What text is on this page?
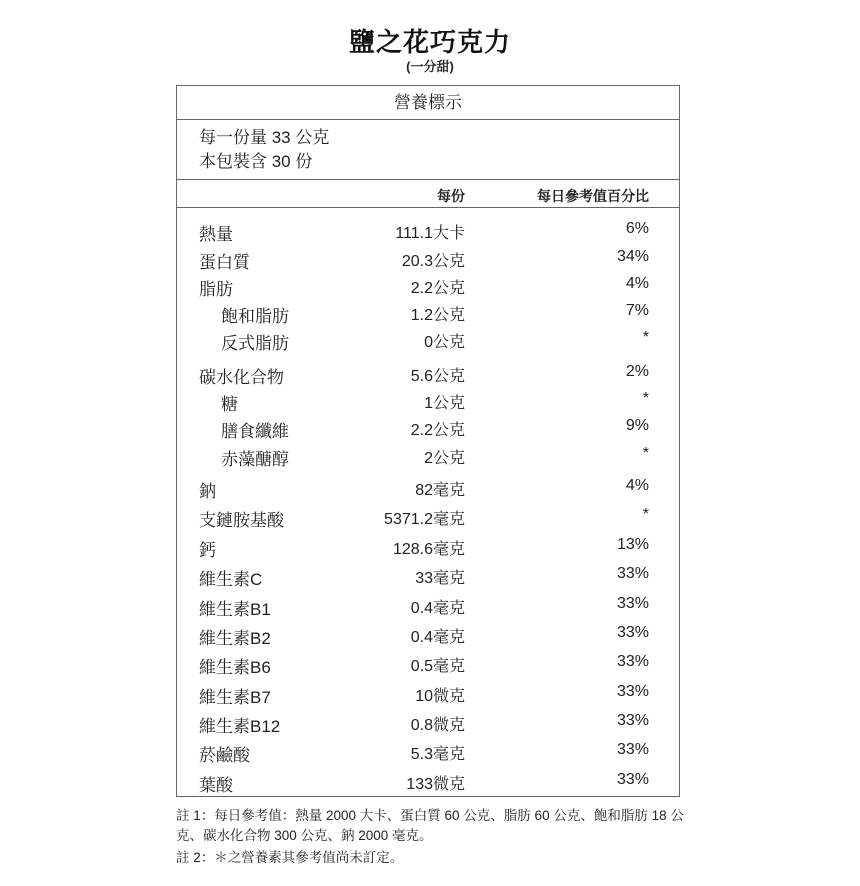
鹽之花巧克力
(一分甜)
營養標示
每一份量 33 公克
本包裝含 30 份
每份	每日參考值百分比
熱量	111.1大卡	6%
蛋白質	20.3公克	34%
脂肪	2.2公克	4%
飽和脂肪	1.2公克	7%
反式脂肪	0公克	*
碳水化合物	5.6公克	2%
糖	1公克	*
膳食纖維	2.2公克	9%
赤藻醣醇	2公克	*
鈉	82毫克	4%
支鏈胺基酸	5371.2毫克	*
鈣	128.6毫克	13%
維生素C	33毫克	33%
維生素B1	0.4毫克	33%
維生素B2	0.4毫克	33%
維生素B6	0.5毫克	33%
維生素B7	10微克	33%
維生素B12	0.8微克	33%
菸鹼酸	5.3毫克	33%
葉酸	133微克	33%
註 1：每日參考值：熱量 2000 大卡、蛋白質 60 公克、脂肪 60 公克、飽和脂肪 18 公克、碳水化合物 300 公克、鈉 2000 毫克。
註 2：＊之營養素其參考值尚未訂定。
